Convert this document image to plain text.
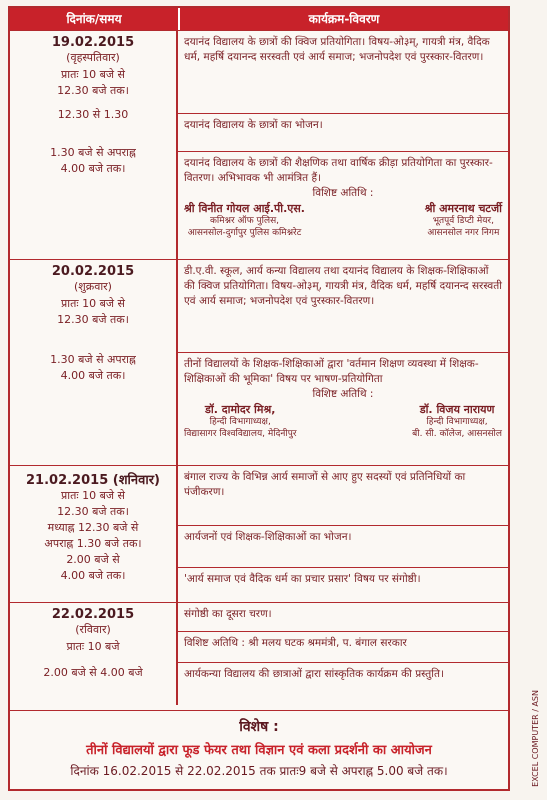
दिनांक/समय	कार्यक्रम-विवरण
19.02.2015
(वृहस्पतिवार)
प्रातः 10 बजे से
12.30 बजे तक।
12.30 से 1.30
1.30 बजे से अपराह्न
4.00 बजे तक।
दयानंद विद्यालय के छात्रों की क्विज प्रतियोगिता। विषय-ओ३म्, गायत्री मंत्र, वैदिक धर्म, महर्षि दयानन्द सरस्वती एवं आर्य समाज; भजनोपदेश एवं पुरस्कार-वितरण।
दयानंद विद्यालय के छात्रों का भोजन।
दयानंद विद्यालय के छात्रों की शैक्षणिक तथा वार्षिक क्रीड़ा प्रतियोगिता का पुरस्कार-वितरण। अभिभावक भी आमंत्रित हैं।
विशिष्ट अतिथि :
श्री विनीत गोयल आई.पी.एस.
कमिश्नर ऑफ पुलिस,
आसनसोल-दुर्गापुर पुलिस कमिश्नरेट
श्री अमरनाथ चटर्जी
भूतपूर्व डिप्टी मेयर,
आसनसोल नगर निगम
20.02.2015
(शुक्रवार)
प्रातः 10 बजे से
12.30 बजे तक।
1.30 बजे से अपराह्न
4.00 बजे तक।
डी.ए.वी. स्कूल, आर्य कन्या विद्यालय तथा दयानंद विद्यालय के शिक्षक-शिक्षिकाओं की क्विज प्रतियोगिता। विषय-ओ३म्, गायत्री मंत्र, वैदिक धर्म, महर्षि दयानन्द सरस्वती एवं आर्य समाज; भजनोपदेश एवं पुरस्कार-वितरण।
तीनों विद्यालयों के शिक्षक-शिक्षिकाओं द्वारा 'वर्तमान शिक्षण व्यवस्था में शिक्षक-शिक्षिकाओं की भूमिका' विषय पर भाषण-प्रतियोगिता
विशिष्ट अतिथि :
डॉ. दामोदर मिश्र,
हिन्दी विभागाध्यक्ष,
विद्यासागर विश्वविद्यालय, मेदिनीपुर
डॉ. विजय नारायण
हिन्दी विभागाध्यक्ष,
बी. सी. कॉलेज, आसनसोल
21.02.2015 (शनिवार)
प्रातः 10 बजे से
12.30 बजे तक।
मध्याह्न 12.30 बजे से
अपराह्न 1.30 बजे तक।
2.00 बजे से
4.00 बजे तक।
बंगाल राज्य के विभिन्न आर्य समाजों से आए हुए सदस्यों एवं प्रतिनिधियों का पंजीकरण।
आर्यजनों एवं शिक्षक-शिक्षिकाओं का भोजन।
'आर्य समाज एवं वैदिक धर्म का प्रचार प्रसार' विषय पर संगोष्ठी।
22.02.2015
(रविवार)
प्रातः 10 बजे
2.00 बजे से 4.00 बजे
संगोष्ठी का दूसरा चरण।
विशिष्ट अतिथि : श्री मलय घटक श्रममंत्री, प. बंगाल सरकार
आर्यकन्या विद्यालय की छात्राओं द्वारा सांस्कृतिक कार्यक्रम की प्रस्तुति।
विशेष :
तीनों विद्यालयों द्वारा फूड फेयर तथा विज्ञान एवं कला प्रदर्शनी का आयोजन
दिनांक 16.02.2015 से 22.02.2015 तक प्रातः9 बजे से अपराह्न 5.00 बजे तक।	EXCEL COMPUTER / ASN
